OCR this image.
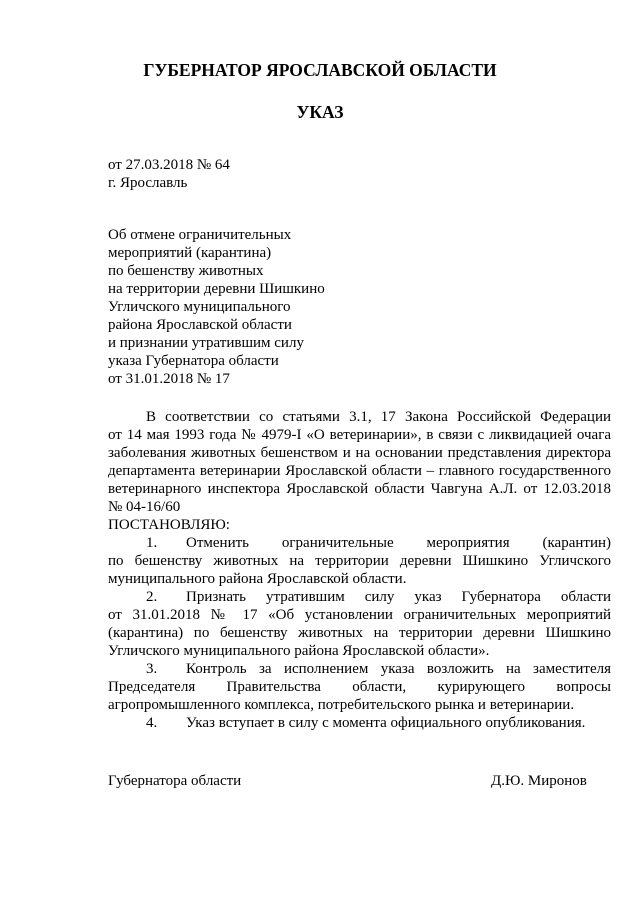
ГУБЕРНАТОР ЯРОСЛАВСКОЙ ОБЛАСТИ
УКАЗ
от 27.03.2018 № 64
г. Ярославль
Об отмене ограничительных
мероприятий (карантина)
по бешенству животных
на территории деревни Шишкино
Угличского муниципального
района Ярославской области
и признании утратившим силу
указа Губернатора области
от 31.01.2018 № 17
В соответствии со статьями 3.1, 17 Закона Российской Федерации
от 14 мая 1993 года № 4979-I «О ветеринарии», в связи с ликвидацией очага
заболевания животных бешенством и на основании представления директора
департамента ветеринарии Ярославской области – главного государственного
ветеринарного инспектора Ярославской области Чавгуна А.Л. от 12.03.2018
№ 04-16/60
ПОСТАНОВЛЯЮ:
1.	Отменить ограничительные мероприятия (карантин)
по бешенству животных на территории деревни Шишкино Угличского
муниципального района Ярославской области.
2.	Признать утратившим силу указ Губернатора области
от 31.01.2018 № 17 «Об установлении ограничительных мероприятий
(карантина) по бешенству животных на территории деревни Шишкино
Угличского муниципального района Ярославской области».
3.	Контроль за исполнением указа возложить на заместителя
Председателя Правительства области, курирующего вопросы
агропромышленного комплекса, потребительского рынка и ветеринарии.
4.	Указ вступает в силу с момента официального опубликования.
Губернатора области	Д.Ю. Миронов
